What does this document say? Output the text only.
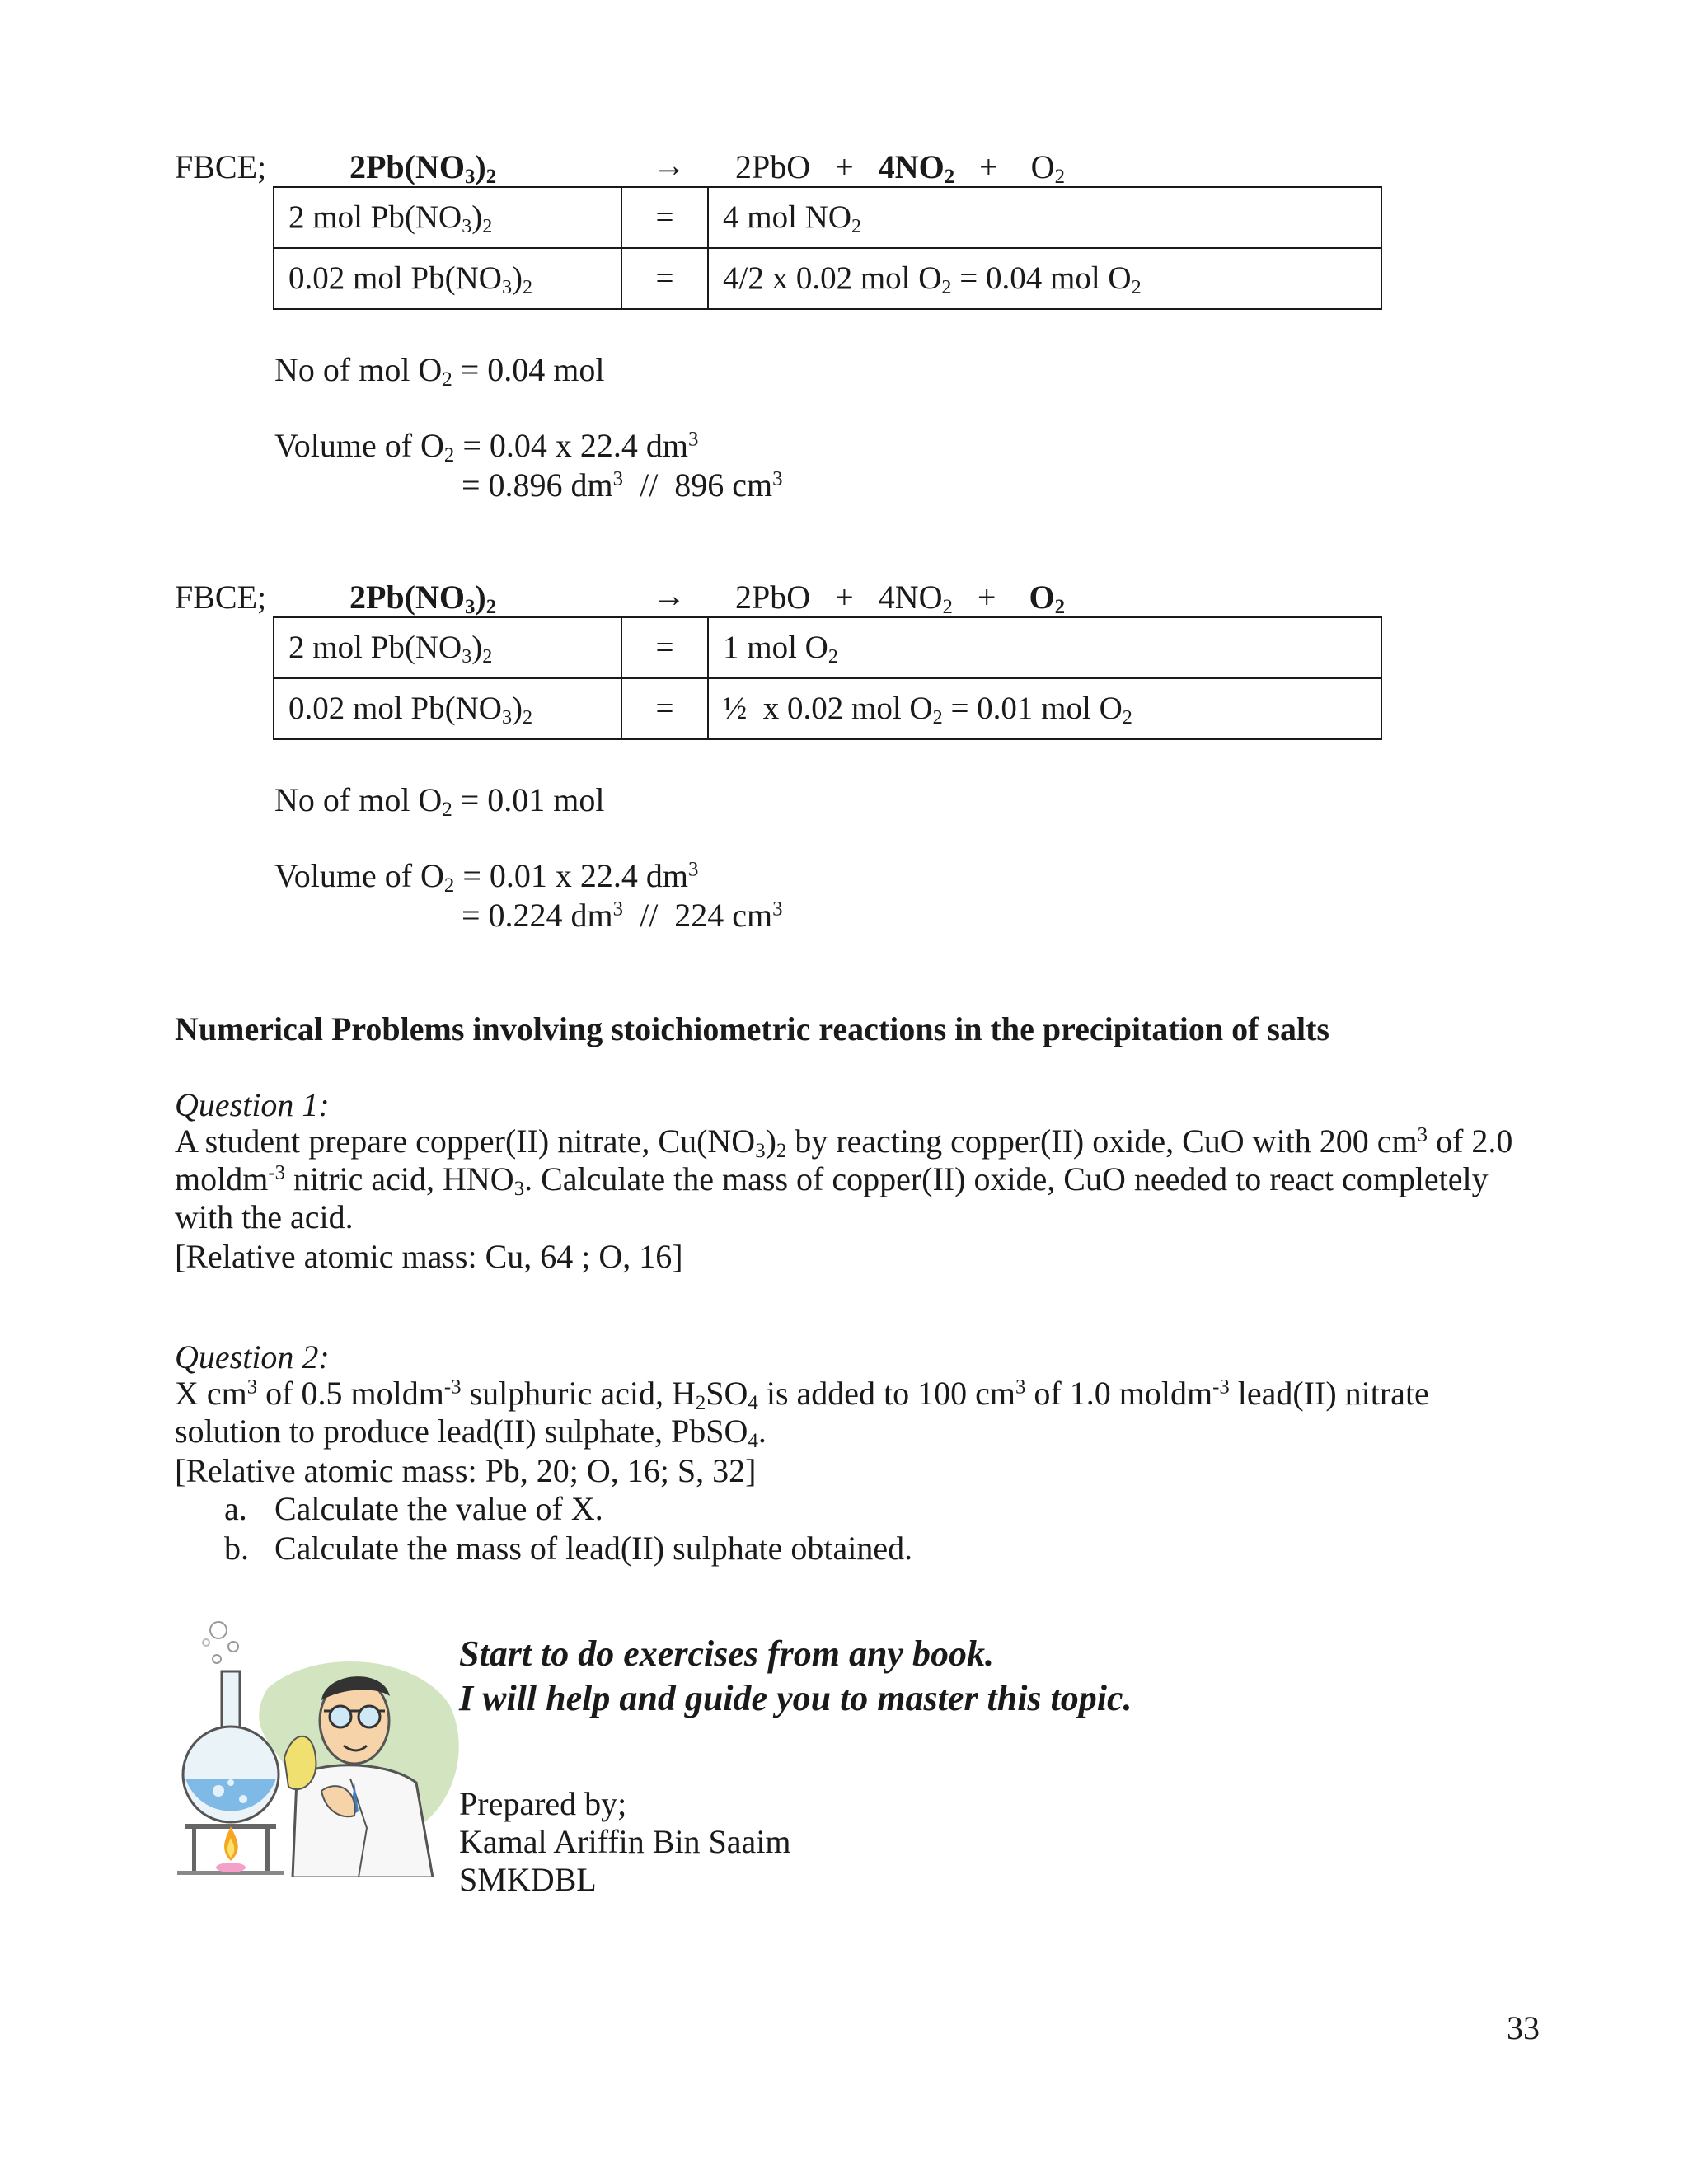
FBCE;	$2Pb(NO_3)_2$	→ $2PbO + 4NO_2 + O_2$
2 mol $Pb(NO_3)_2$	=	4 mol $NO_2$
0.02 mol $Pb(NO_3)_2$	=	4/2 x 0.02 mol $O_2 = 0.04$ mol $O_2$
No of mol $O_2 = 0.04$ mol
Volume of $O_2 = 0.04$ x 22.4 $dm^3$
= 0.896 $dm^3 // 896$ $cm^3$
FBCE;	$2Pb(NO_3)_2$	→ $2PbO + 4NO_2 + O_2$
2 mol $Pb(NO_3)_2$	=	1 mol $O_2$
0.02 mol $Pb(NO_3)_2$	=	½  x 0.02 mol $O_2 = 0.01$ mol $O_2$
No of mol $O_2 = 0.01$ mol
Volume of $O_2 = 0.01$ x 22.4 $dm^3$
= 0.224 $dm^3 // 224$ $cm^3$
Numerical Problems involving stoichiometric reactions in the precipitation of salts
Question 1:
A student prepare copper(II) nitrate, $Cu(NO_3)_2$ by reacting copper(II) oxide, CuO with 200 $cm^3$ of 2.0 moldm$^{-3}$ nitric acid, $HNO_3$. Calculate the mass of copper(II) oxide, CuO needed to react completely with the acid.
[Relative atomic mass: Cu, 64 ; O, 16]
Question 2:
X $cm^3$ of 0.5 moldm$^{-3}$ sulphuric acid, $H_2SO_4$ is added to 100 $cm^3$ of 1.0 moldm$^{-3}$ lead(II) nitrate solution to produce lead(II) sulphate, PbSO$_4$.
[Relative atomic mass: Pb, 20; O, 16; S, 32]
a. Calculate the value of X.
b. Calculate the mass of lead(II) sulphate obtained.
Start to do exercises from any book.
I will help and guide you to master this topic.
Prepared by;
Kamal Ariffin Bin Saaim
SMKDBL
33
